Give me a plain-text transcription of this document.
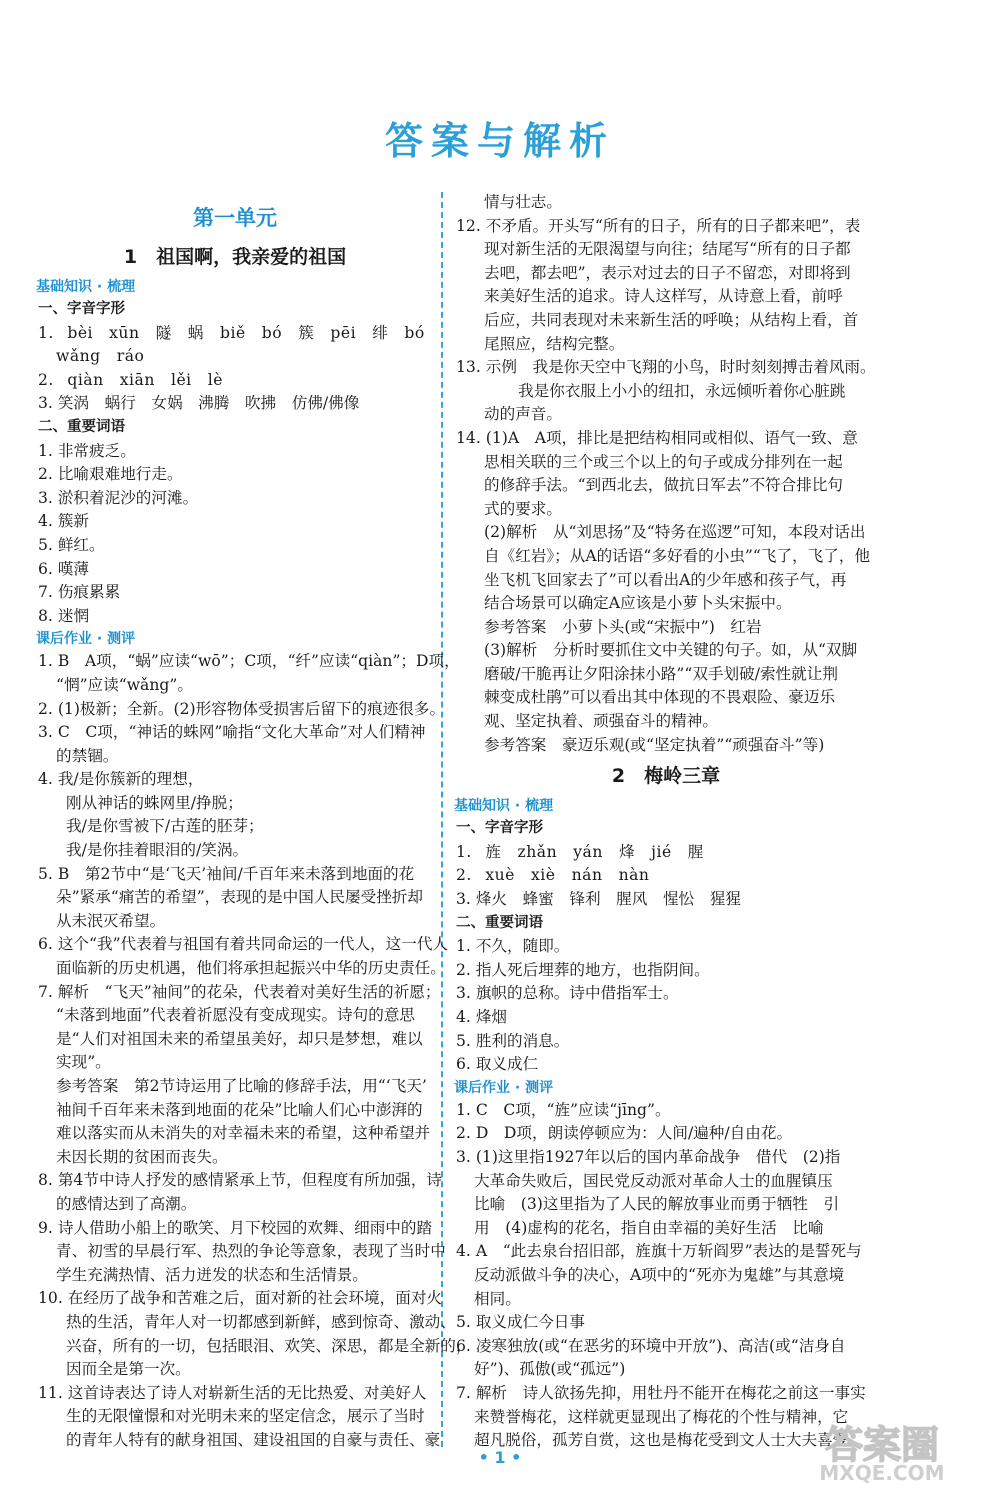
答案与解析
第一单元
1　祖国啊，我亲爱的祖国
基础知识 · 梳理
一、字音字形
1. bèi　xūn　隧　蜗　biě　bó　簇　pēi　绯　bó
wǎng　ráo
2. qiàn　xiān　lěi　lè
3. 笑涡　蜗行　女娲　沸腾　吹拂　仿佛/佛像
二、重要词语
1. 非常疲乏。
2. 比喻艰难地行走。
3. 淤积着泥沙的河滩。
4. 簇新
5. 鲜红。
6. 嘆薄
7. 伤痕累累
8. 迷惘
课后作业 · 测评
1. B　A项，“蜗”应读“wō”；C项，“纤”应读“qiàn”；D项，
“惘”应读“wǎng”。
2. (1)极新；全新。(2)形容物体受损害后留下的痕迹很多。
3. C　C项，“神话的蛛网”喻指“文化大革命”对人们精神
的禁锢。
4. 我/是你簇新的理想，
刚从神话的蛛网里/挣脱；
我/是你雪被下/古莲的胚芽；
我/是你挂着眼泪的/笑涡。
5. B　第2节中“是‘飞天’袖间/千百年来未落到地面的花
朵”紧承“痛苦的希望”，表现的是中国人民屡受挫折却
从未泯灭希望。
6. 这个“我”代表着与祖国有着共同命运的一代人，这一代人
面临新的历史机遇，他们将承担起振兴中华的历史责任。
7. 解析　“飞天”袖间”的花朵，代表着对美好生活的祈愿；
“未落到地面”代表着祈愿没有变成现实。诗句的意思
是“人们对祖国未来的希望虽美好，却只是梦想，难以
实现”。
参考答案　第2节诗运用了比喻的修辞手法，用“‘飞天’
袖间千百年来未落到地面的花朵”比喻人们心中澎湃的
难以落实而从未消失的对幸福未来的希望，这种希望并
未因长期的贫困而丧失。
8. 第4节中诗人抒发的感情紧承上节，但程度有所加强，诗
的感情达到了高潮。
9. 诗人借助小船上的歌笑、月下校园的欢舞、细雨中的踏
青、初雪的早晨行军、热烈的争论等意象，表现了当时中
学生充满热情、活力迸发的状态和生活情景。
10. 在经历了战争和苦难之后，面对新的社会环境，面对火
热的生活，青年人对一切都感到新鲜，感到惊奇、激动、
兴奋，所有的一切，包括眼泪、欢笑、深思，都是全新的，
因而全是第一次。
11. 这首诗表达了诗人对崭新生活的无比热爱、对美好人
生的无限憧憬和对光明未来的坚定信念，展示了当时
的青年人特有的献身祖国、建设祖国的自豪与责任、豪
情与壮志。
12. 不矛盾。开头写“所有的日子，所有的日子都来吧”，表
现对新生活的无限渴望与向往；结尾写“所有的日子都
去吧，都去吧”，表示对过去的日子不留恋，对即将到
来美好生活的追求。诗人这样写，从诗意上看，前呼
后应，共同表现对未来新生活的呼唤；从结构上看，首
尾照应，结构完整。
13. 示例　我是你天空中飞翔的小鸟，时时刻刻搏击着风雨。
我是你衣服上小小的纽扣，永远倾听着你心脏跳
动的声音。
14. (1)A　A项，排比是把结构相同或相似、语气一致、意
思相关联的三个或三个以上的句子或成分排列在一起
的修辞手法。“到西北去，做抗日军去”不符合排比句
式的要求。
(2)解析　从“刘思扬”及“特务在巡逻”可知，本段对话出
自《红岩》；从A的话语“多好看的小虫”“飞了，飞了，他
坐飞机飞回家去了”可以看出A的少年感和孩子气，再
结合场景可以确定A应该是小萝卜头宋振中。
参考答案　小萝卜头(或“宋振中”)　红岩
(3)解析　分析时要抓住文中关键的句子。如，从“双脚
磨破/干脆再让夕阳涂抹小路”“双手划破/索性就让荆
棘变成杜鹃”可以看出其中体现的不畏艰险、豪迈乐
观、坚定执着、顽强奋斗的精神。
参考答案　豪迈乐观(或“坚定执着”“顽强奋斗”等)
2　梅岭三章
基础知识 · 梳理
一、字音字形
1. 旌　zhǎn　yán　烽　jié　腥
2. xuè　xiè　nán　nàn
3. 烽火　蜂蜜　锋利　腥风　惺忪　猩猩
二、重要词语
1. 不久，随即。
2. 指人死后埋葬的地方，也指阴间。
3. 旗帜的总称。诗中借指军士。
4. 烽烟
5. 胜利的消息。
6. 取义成仁
课后作业 · 测评
1. C　C项，“旌”应读“jīng”。
2. D　D项，朗读停顿应为：人间/遍种/自由花。
3. (1)这里指1927年以后的国内革命战争　借代　(2)指
大革命失败后，国民党反动派对革命人士的血腥镇压
比喻　(3)这里指为了人民的解放事业而勇于牺牲　引
用　(4)虚构的花名，指自由幸福的美好生活　比喻
4. A　“此去泉台招旧部，旌旗十万斩阎罗”表达的是誓死与
反动派做斗争的决心，A项中的“死亦为鬼雄”与其意境
相同。
5. 取义成仁今日事
6. 凌寒独放(或“在恶劣的环境中开放”)、高洁(或“洁身自
好”)、孤傲(或“孤远”)
7. 解析　诗人欲扬先抑，用牡丹不能开在梅花之前这一事实
来赞誉梅花，这样就更显现出了梅花的个性与精神，它
超凡脱俗，孤芳自赏，这也是梅花受到文人士大夫喜爱
• 1 •	答案圈
MXQE.COM
